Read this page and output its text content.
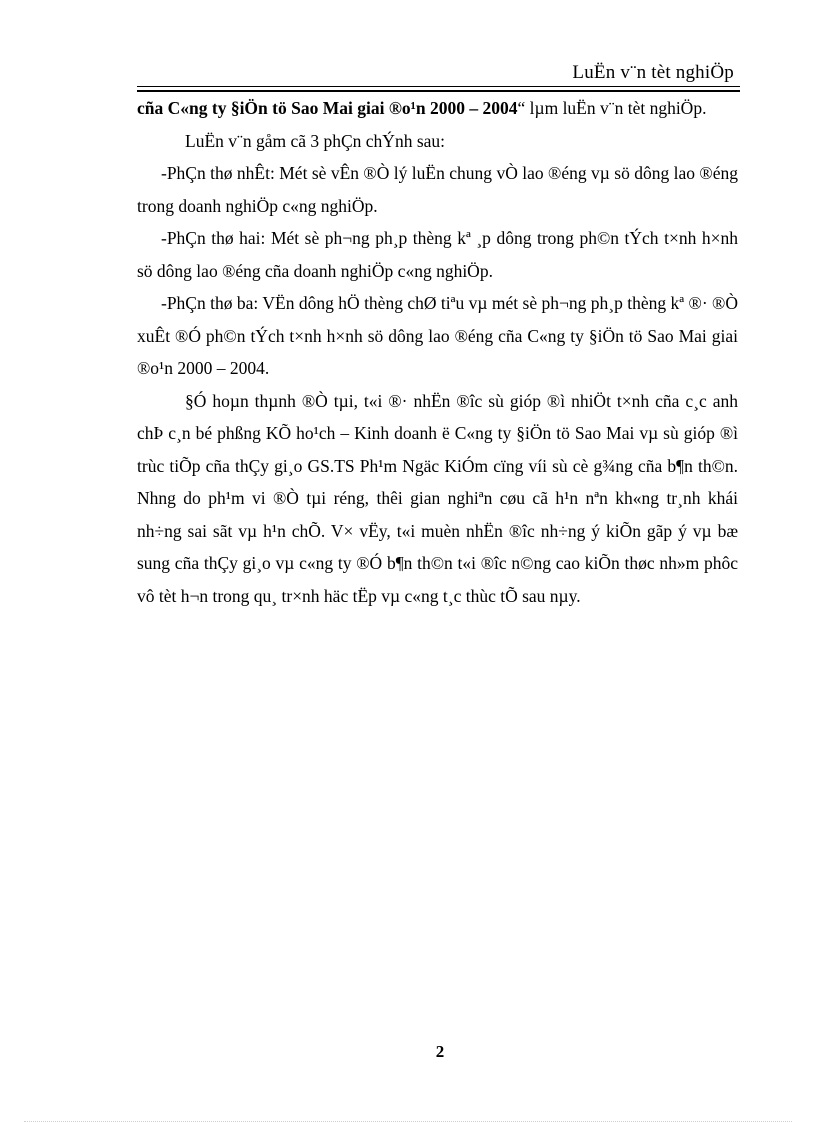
LuËn v¨n tèt nghiÖp

cña C«ng ty §iÖn tö Sao Mai giai ®o¹n 2000 – 2004“ lµm luËn v¨n tèt nghiÖp.

LuËn v¨n gåm cã 3 phÇn chÝnh sau:

-PhÇn thø nhÊt: Mét sè vÊn ®Ò lý luËn chung vÒ lao ®éng vµ sö dông lao ®éng trong doanh nghiÖp c«ng nghiÖp.

-PhÇn thø hai: Mét sè ph¬ng ph¸p thèng kª ¸p dông trong ph©n tÝch t×nh h×nh sö dông lao ®éng cña doanh nghiÖp c«ng nghiÖp.

-PhÇn thø ba: VËn dông hÖ thèng chØ tiªu vµ mét sè ph¬ng ph¸p thèng kª ®· ®Ò xuÊt ®Ó ph©n tÝch t×nh h×nh sö dông lao ®éng cña C«ng ty §iÖn tö Sao Mai giai ®o¹n 2000 – 2004.

§Ó hoµn thµnh ®Ò tµi, t«i ®· nhËn ®îc sù gióp ®ì nhiÖt t×nh cña c¸c anh chÞ c¸n bé phßng KÕ ho¹ch – Kinh doanh ë C«ng ty §iÖn tö Sao Mai vµ sù gióp ®ì trùc tiÕp cña thÇy gi¸o GS.TS Ph¹m Ngäc KiÓm cïng víi sù cè g¾ng cña b¶n th©n. Nhng do ph¹m vi ®Ò tµi réng, thêi gian nghiªn cøu cã h¹n nªn kh«ng tr¸nh khái nh÷ng sai sãt vµ h¹n chÕ. V× vËy, t«i muèn nhËn ®îc nh÷ng ý kiÕn gãp ý vµ bæ sung cña thÇy gi¸o vµ c«ng ty ®Ó b¶n th©n t«i ®îc n©ng cao kiÕn thøc nh»m phôc vô tèt h¬n trong qu¸ tr×nh häc tËp vµ c«ng t¸c thùc tÕ sau nµy.

2
